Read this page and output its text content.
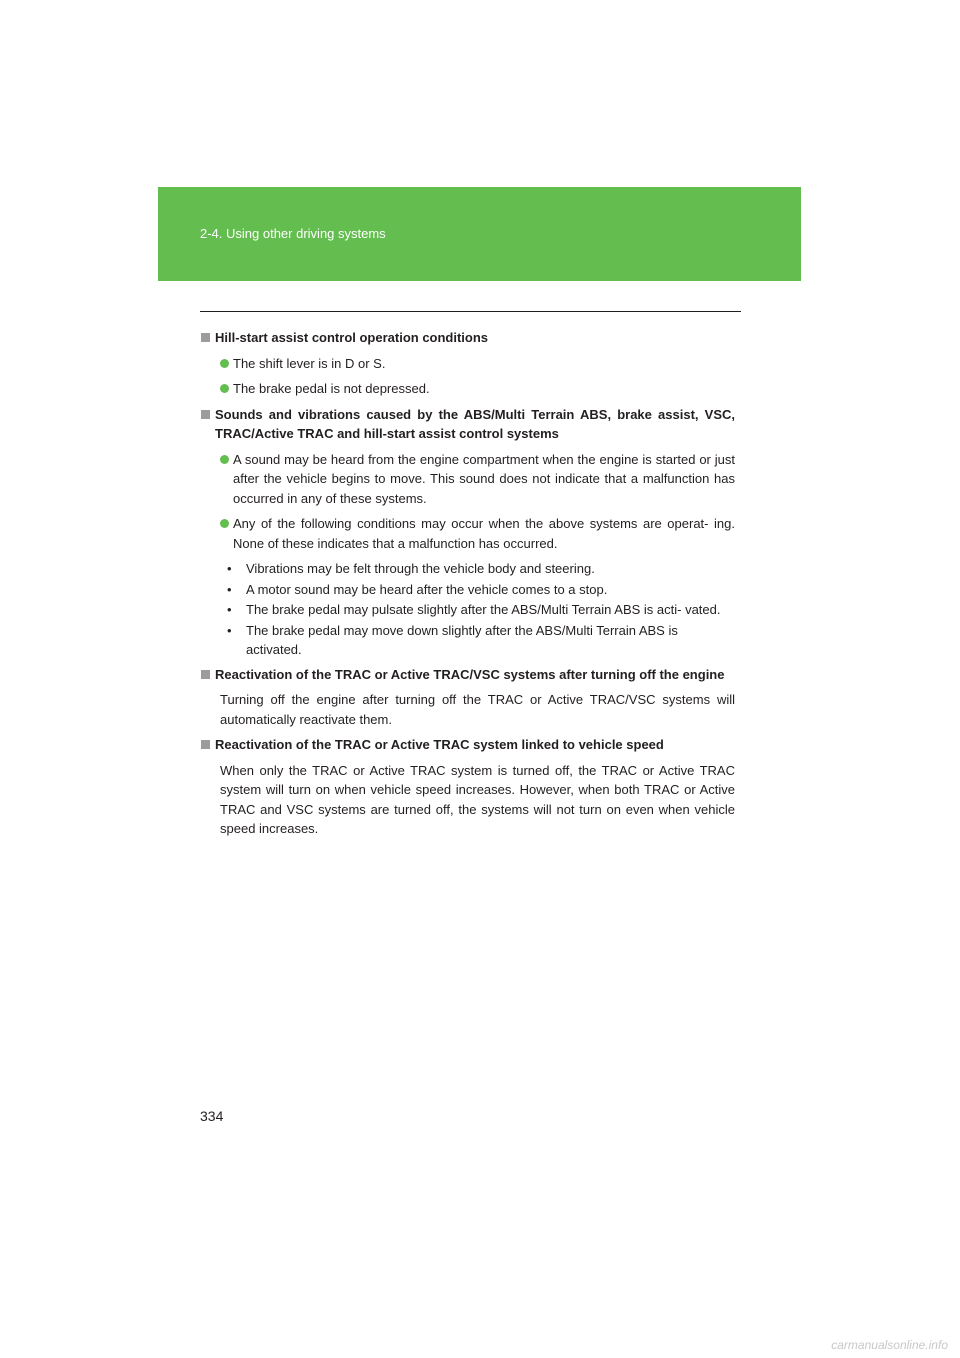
2-4. Using other driving systems
Hill-start assist control operation conditions
The shift lever is in D or S.
The brake pedal is not depressed.
Sounds and vibrations caused by the ABS/Multi Terrain ABS, brake assist, VSC, TRAC/Active TRAC and hill-start assist control systems
A sound may be heard from the engine compartment when the engine is started or just after the vehicle begins to move. This sound does not indicate that a malfunction has occurred in any of these systems.
Any of the following conditions may occur when the above systems are operat- ing. None of these indicates that a malfunction has occurred.
•	Vibrations may be felt through the vehicle body and steering.
•	A motor sound may be heard after the vehicle comes to a stop.
•	The brake pedal may pulsate slightly after the ABS/Multi Terrain ABS is acti- vated.
•	The brake pedal may move down slightly after the ABS/Multi Terrain ABS is activated.
Reactivation of the TRAC or Active TRAC/VSC systems after turning off the engine
Turning off the engine after turning off the TRAC or Active TRAC/VSC systems will automatically reactivate them.
Reactivation of the TRAC or Active TRAC system linked to vehicle speed
When only the TRAC or Active TRAC system is turned off, the TRAC or Active TRAC system will turn on when vehicle speed increases. However, when both TRAC or Active TRAC and VSC systems are turned off, the systems will not turn on even when vehicle speed increases.
334
carmanualsonline.info
